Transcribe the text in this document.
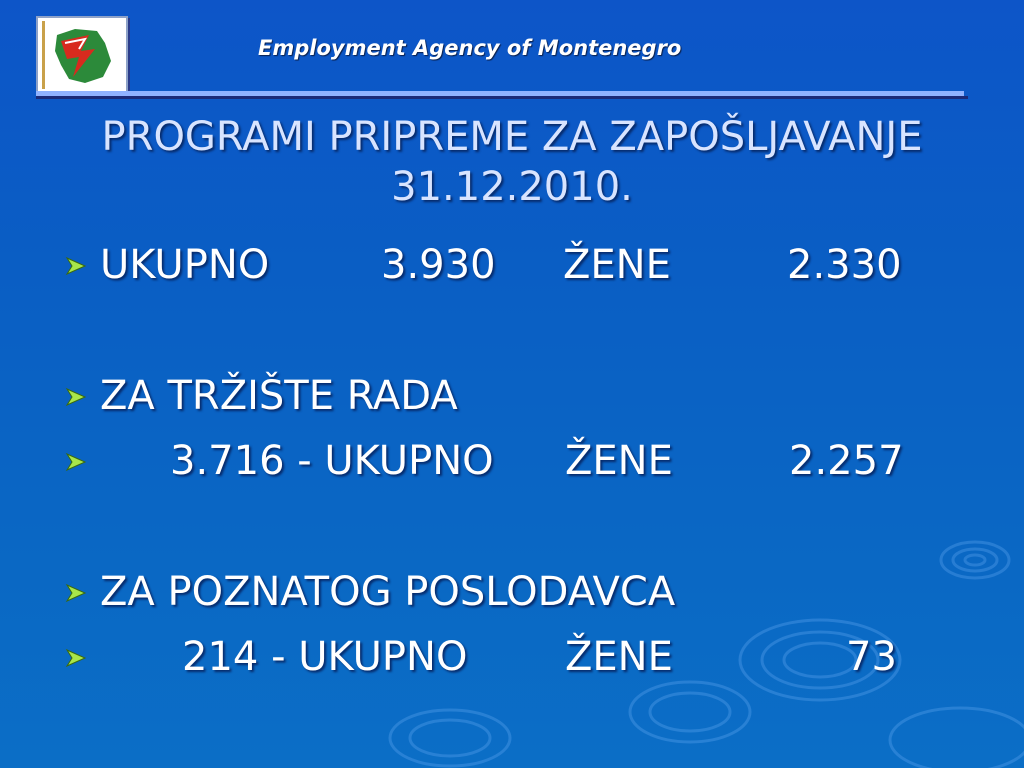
Employment Agency of Montenegro
PROGRAMI PRIPREME ZA ZAPOŠLJAVANJE
31.12.2010.
UKUPNO	3.930 ŽENE	2.330
ZA TRŽIŠTE RADA
3.716 - UKUPNO ŽENE	2.257
ZA POZNATOG POSLODAVCA
214 - UKUPNO ŽENE	73
